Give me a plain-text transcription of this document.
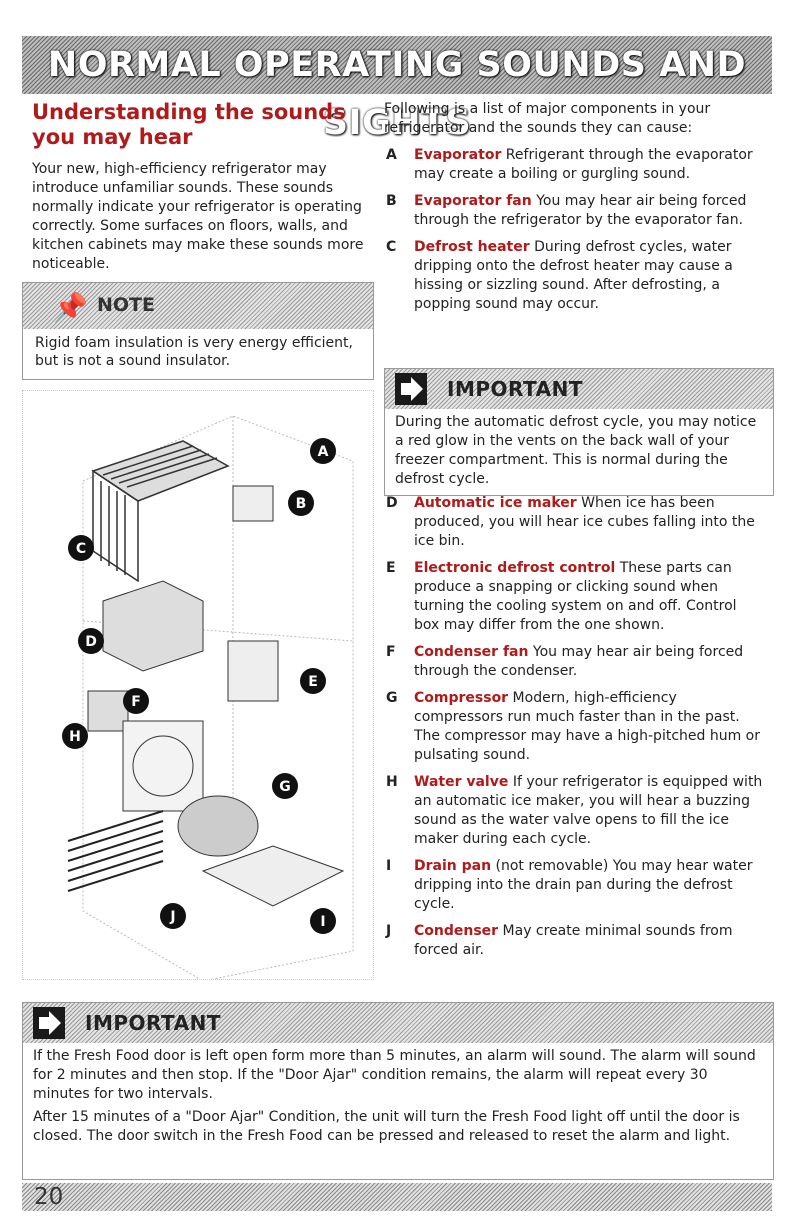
NORMAL OPERATING SOUNDS AND SIGHTS
Understanding the sounds you may hear

Your new, high-efficiency refrigerator may introduce unfamiliar sounds. These sounds normally indicate your refrigerator is operating correctly. Some surfaces on floors, walls, and kitchen cabinets may make these sounds more noticeable.

📌 NOTE
Rigid foam insulation is very energy efficient, but is not a sound insulator.
A
B
C
D
E
F
G
H
I
J

Following is a list of major components in your refrigerator and the sounds they can cause:

A Evaporator Refrigerant through the evaporator may create a boiling or gurgling sound.
B Evaporator fan You may hear air being forced through the refrigerator by the evaporator fan.
C Defrost heater During defrost cycles, water dripping onto the defrost heater may cause a hissing or sizzling sound. After defrosting, a popping sound may occur.
D Automatic ice maker When ice has been produced, you will hear ice cubes falling into the ice bin.
E Electronic defrost control These parts can produce a snapping or clicking sound when turning the cooling system on and off. Control box may differ from the one shown.
F Condenser fan You may hear air being forced through the condenser.
G Compressor Modern, high-efficiency compressors run much faster than in the past. The compressor may have a high-pitched hum or pulsating sound.
H Water valve If your refrigerator is equipped with an automatic ice maker, you will hear a buzzing sound as the water valve opens to fill the ice maker during each cycle.
I Drain pan (not removable) You may hear water dripping into the drain pan during the defrost cycle.
J Condenser May create minimal sounds from forced air.
IMPORTANT
During the automatic defrost cycle, you may notice a red glow in the vents on the back wall of your freezer compartment. This is normal during the defrost cycle.
IMPORTANT

If the Fresh Food door is left open form more than 5 minutes, an alarm will sound. The alarm will sound for 2 minutes and then stop. If the "Door Ajar" condition remains, the alarm will repeat every 30 minutes for two intervals.

After 15 minutes of a "Door Ajar" Condition, the unit will turn the Fresh Food light off until the door is closed. The door switch in the Fresh Food can be pressed and released to reset the alarm and light.

20
